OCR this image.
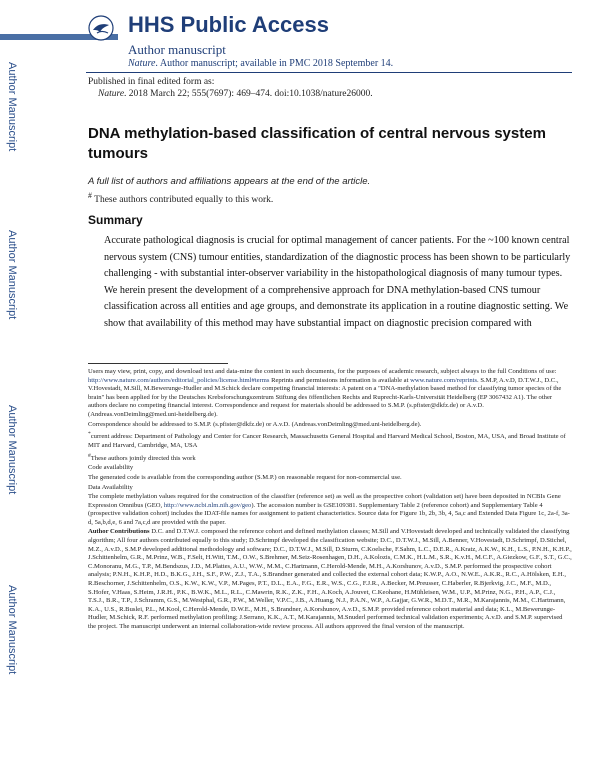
Author Manuscript
Author Manuscript
Author Manuscript
Author Manuscript
HHS Public Access
Author manuscript
Nature. Author manuscript; available in PMC 2018 September 14.
Published in final edited form as:
Nature. 2018 March 22; 555(7697): 469–474. doi:10.1038/nature26000.
DNA methylation-based classification of central nervous system tumours
A full list of authors and affiliations appears at the end of the article.
# These authors contributed equally to this work.
Summary
Accurate pathological diagnosis is crucial for optimal management of cancer patients. For the ~100 known central nervous system (CNS) tumour entities, standardization of the diagnostic process has been shown to be particularly challenging - with substantial inter-observer variability in the histopathological diagnosis of many tumour types. We herein present the development of a comprehensive approach for DNA methylation-based CNS tumour classification across all entities and age groups, and demonstrate its application in a routine diagnostic setting. We show that availability of this method may have substantial impact on diagnostic precision compared with

Users may view, print, copy, and download text and data-mine the content in such documents, for the purposes of academic research, subject always to the full Conditions of use: http://www.nature.com/authors/editorial_policies/license.html#terms Reprints and permissions information is available at www.nature.com/reprints. S.M.P, A.v.D, D.T.W.J., D.C., V.Hovestadt, M.Sill, M.Bewerunge-Hudler and M.Schick declare competing financial interests: A patent on a "DNA-methylation based method for classifying tumor species of the brain" has been applied for by the Deutsches Krebsforschungszentrum Stiftung des öffentlichen Rechts and Ruprecht-Karls-Universität Heidelberg (EP 3067432 A1). The other authors declare no competing financial interest. Correspondence and request for materials should be addressed to S.M.P. (s.pfister@dkfz.de) or A.v.D. (Andreas.vonDeimling@med.uni-heidelberg.de).

Correspondence should be addressed to S.M.P. (s.pfister@dkfz.de) or A.v.D. (Andreas.vonDeimling@med.uni-heidelberg.de).

*current address: Department of Pathology and Center for Cancer Research, Massachusetts General Hospital and Harvard Medical School, Boston, MA, USA, and Broad Institute of MIT and Harvard, Cambridge, MA, USA

#These authors jointly directed this work

Code availability

The generated code is available from the corresponding author (S.M.P.) on reasonable request for non-commercial use.

Data Availability

The complete methylation values required for the construction of the classifier (reference set) as well as the prospective cohort (validation set) have been deposited in NCBIs Gene Expression Omnibus (GEO, http://www.ncbi.nlm.nih.gov/geo). The accession number is GSE109381. Supplementary Table 2 (reference cohort) and Supplementary Table 4 (prospective validation cohort) includes the IDAT-file names for assignment to patient characteristics. Source data for Figure 1b, 2b, 3b, 4, 5a,c and Extended Data Figure 1c, 2a-f, 3a-d, 5a,b,d,e, 6 and 7a,c,d are provided with the paper.

Author Contributions D.C. and D.T.W.J. composed the reference cohort and defined methylation classes; M.Sill and V.Hovestadt developed and technically validated the classifying algorithm; All four authors contributed equally to this study; D.Schrimpf developed the classification website; D.C., D.T.W.J., M.Sill, A.Benner, V.Hovestadt, D.Schrimpf, D.Stichel, M.Z., A.v.D., S.M.P developed additional methodology and software; D.C., D.T.W.J., M.Sill, D.Sturm, C.Koelsche, F.Sahm, L.C., D.E.R., A.Kratz, A.K.W., K.H., L.S., P.N.H., K.H.P., J.Schittenhelm, G.R., M.Prinz, W.B., F.Selt, H.Witt, T.M., O.W., S.Brehmer, M.Seiz-Rosenhagen, D.H., A.Kolozis, C.M.K., H.L.M., S.R., K.v.H., M.C.F., A.Giezkow, G.F., S.T., G.C., C.Monoranu, M.G., T.P., M.Bendszus, J.D., M.Plattes, A.U., W.W., M.M., C.Hartmann, C.Herold-Mende, M.H., A.Korshunov, A.v.D., S.M.P. performed the prospective cohort analysis; P.N.H., K.H.P., H.D., B.K.G., J.H., S.F., P.W., Z.J., T.A., S.Brandner generated and collected the external cohort data; K.W.P., A.O., N.W.E., A.K.R., R.C., A.Hölsken, E.H., R.Beschorner, J.Schittenhelm, O.S., K.W., K.W., V.P., M.Pages, P.T., D.L., E.A., F.G., E.R., W.S., C.G., F.J.R., A.Becker, M.Preusser, C.Haberler, R.Bjerkvig, J.C., M.F., M.D., S.Hofer, V.Haas, S.Heim, J.R.H., P.K., B.W.K., M.L., R.L., C.Mawrin, R.K., Z.K., F.H., A.Koch, A.Jouvet, C.Keohane, H.Mühleisen, W.M., U.P., M.Prinz, N.G., P.H., A.P., C.J., T.S.J., B.R., T.P., J.Schramm, G.S., M.Westphal, G.R., P.W., M.Weller, V.P.C., J.B., A.Huang, N.J., P.A.N., W.P., A.Gajjar, G.W.R., M.D.T., M.R., M.Karajannis, M.M., C.Hartmann, K.A., U.S., R.Buslei, P.L., M.Kool, C.Herold-Mende, D.W.E., M.H., S.Brandner, A.Korshunov, A.v.D., S.M.P. provided reference cohort material and data; K.L., M.Bewerunge-Hudler, M.Schick, R.F. performed methylation profiling; J.Serrano, K.K., A.T., M.Karajannis, M.Snuderl performed technical validation experiments; A.v.D. and S.M.P. supervised the project. The manuscript underwent an internal collaboration-wide review process. All authors approved the final version of the manuscript.
